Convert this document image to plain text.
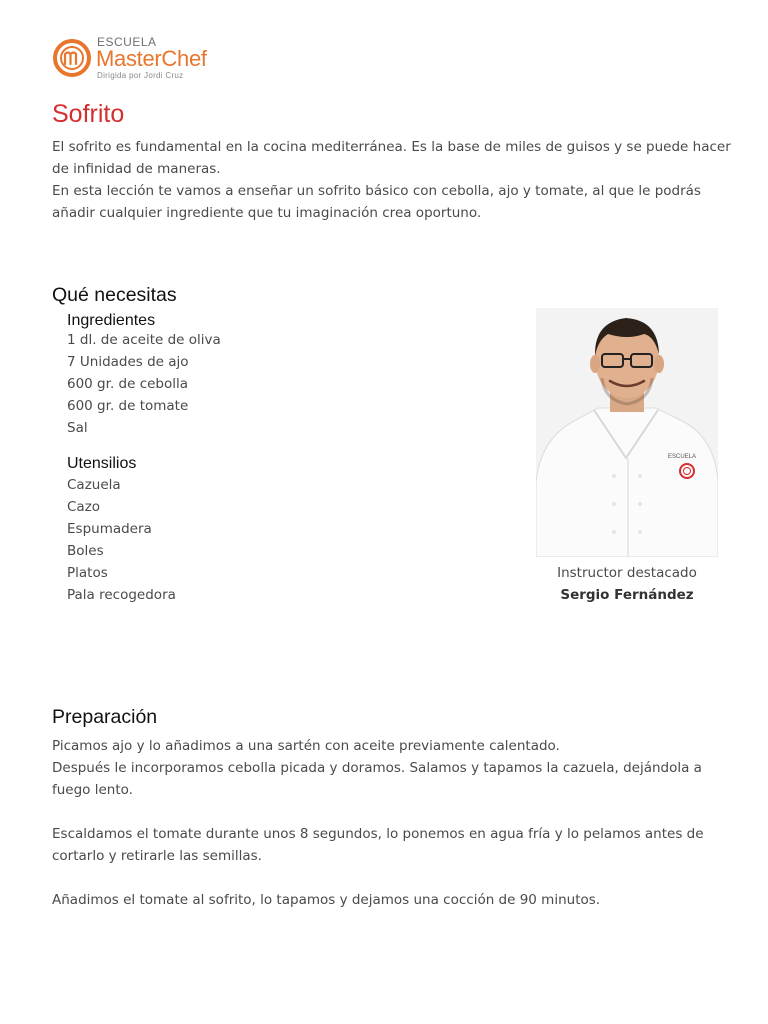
ESCUELA
MasterChef
Dirigida por Jordi Cruz
Sofrito

El sofrito es fundamental en la cocina mediterránea. Es la base de miles de guisos y se puede hacer de infinidad de maneras.

En esta lección te vamos a enseñar un sofrito básico con cebolla, ajo y tomate, al que le podrás añadir cualquier ingrediente que tu imaginación crea oportuno.

Qué necesitas
Ingredientes
1 dl. de aceite de oliva
7 Unidades de ajo
600 gr. de cebolla
600 gr. de tomate
Sal
Utensilios
Cazuela
Cazo
Espumadera
Boles
Platos
Pala recogedora
ESCUELA
Instructor destacado
Sergio Fernández
Preparación

Picamos ajo y lo añadimos a una sartén con aceite previamente calentado.

Después le incorporamos cebolla picada y doramos. Salamos y tapamos la cazuela, dejándola a fuego lento.

Escaldamos el tomate durante unos 8 segundos, lo ponemos en agua fría y lo pelamos antes de cortarlo y retirarle las semillas.

Añadimos el tomate al sofrito, lo tapamos y dejamos una cocción de 90 minutos.
